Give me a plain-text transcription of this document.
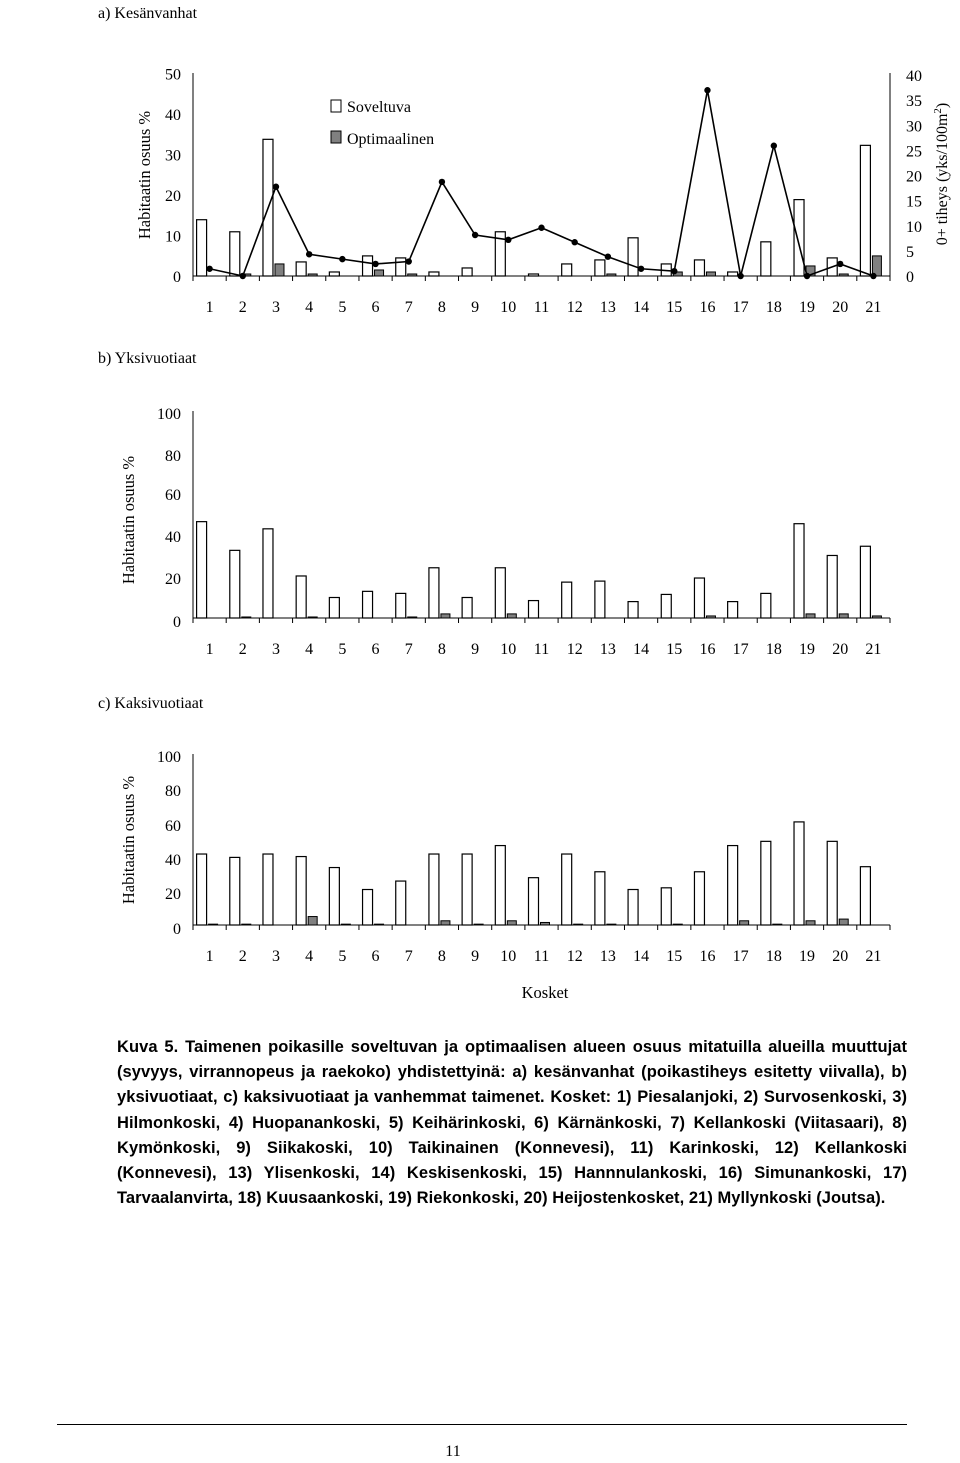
a) Kesänvanhat
Habitaatin osuus %
0
10
20
30
40
50
1 2 3 4 5 6 7 8 9 10 11 12 13 14 15 16 17 18 19 20 21
0
5
10
15
20
25
30
35
40
0+ tiheys $(yks/100m^2)$
Soveltuva
Optimaalinen
b) Yksivuotiaat
Habitaatin osuus %
0
20
40
60
80
100
1 2 3 4 5 6 7 8 9 10 11 12 13 14 15 16 17 18 19 20 21
c) Kaksivuotiaat
Habitaatin osuus %
0
20
40
60
80
100
1 2 3 4 5 6 7 8 9 10 11 12 13 14 15 16 17 18 19 20 21
Kosket

Kuva 5. Taimenen poikasille soveltuvan ja optimaalisen alueen osuus mitatuilla alueilla muuttujat (syvyys, virrannopeus ja raekoko) yhdistettyinä: a) kesänvanhat (poikastiheys esitetty viivalla), b) yksivuotiaat, c) kaksivuotiaat ja vanhemmat taimenet. Kosket: 1) Piesalanjoki, 2) Survosenkoski, 3) Hilmonkoski, 4) Huopanankoski, 5) Keihärinkoski, 6) Kärnänkoski, 7) Kellankoski (Viitasaari), 8) Kymönkoski, 9) Siikakoski, 10) Taikinainen (Konnevesi), 11) Karinkoski, 12) Kellankoski (Konnevesi), 13) Ylisenkoski, 14) Keskisenkoski, 15) Hannnulankoski, 16) Simunankoski, 17) Tarvaalanvirta, 18) Kuusaankoski, 19) Riekonkoski, 20) Heijostenkosket, 21) Myllynkoski (Joutsa).

11
